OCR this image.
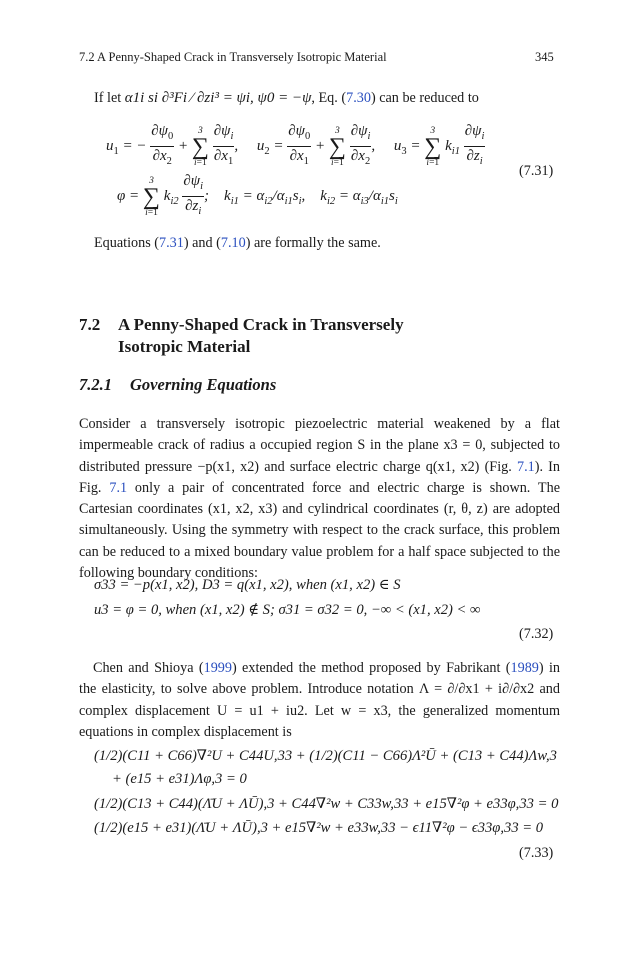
7.2 A Penny-Shaped Crack in Transversely Isotropic Material	345
If let α1i si ∂³Fi ⁄ ∂zi³ = ψi, ψ0 = −ψ, Eq. (7.30) can be reduced to
$u_1$ = − $\frac{\partial\psi_0}{\partial x_2}$ +
3
∑
i=1
$\frac{\partial\psi_i}{\partial x_1}$ ,     $u_2 = \frac{\partial\psi_0}{\partial x_1}$ +
3
∑
i=1
$\frac{\partial\psi_i}{\partial x_2}$ ,     $u_3$ =
3
∑
i=1
$k_{i1} \frac{\partial\psi_i}{\partial z_i}$
φ =
3
∑
i=1
$k_{i2} \frac{\partial\psi_i}{\partial z_i}$ ;    $k_{i1} = \alpha_{i2}/\alpha_{i1}s_i$,    $k_{i2} = \alpha_{i3}/\alpha_{i1}s_i$
(7.31)
Equations (7.31) and (7.10) are formally the same.
7.2 A Penny-Shaped Crack in Transversely
Isotropic Material
7.2.1 Governing Equations
Consider a transversely isotropic piezoelectric material weakened by a flat impermeable crack of radius a occupied region S in the plane x3 = 0, subjected to distributed pressure −p(x1, x2) and surface electric charge q(x1, x2) (Fig. 7.1). In Fig. 7.1 only a pair of concentrated force and electric charge is shown. The Cartesian coordinates (x1, x2, x3) and cylindrical coordinates (r, θ, z) are adopted simultaneously. Using the symmetry with respect to the crack surface, this problem can be reduced to a mixed boundary value problem for a half space subjected to the following boundary conditions:
σ33 = −p(x1, x2), D3 = q(x1, x2), when (x1, x2) ∈ S
u3 = φ = 0, when (x1, x2) ∉ S; σ31 = σ32 = 0, −∞ < (x1, x2) < ∞
(7.32)
Chen and Shioya (1999) extended the method proposed by Fabrikant (1989) in the elasticity, to solve above problem. Introduce notation Λ = ∂/∂x1 + i∂/∂x2 and complex displacement U = u1 + iu2. Let w = x3, the generalized momentum equations in complex displacement is
(1/2)(C11 + C66)∇²U + C44U,33 + (1/2)(C11 − C66)Λ²Ū + (C13 + C44)Λw,3
+ (e15 + e31)Λφ,3 = 0
(1/2)(C13 + C44)(Λ̄U + ΛŪ),3 + C44∇²w + C33w,33 + e15∇²φ + e33φ,33 = 0
(1/2)(e15 + e31)(Λ̄U + ΛŪ),3 + e15∇²w + e33w,33 − ϵ11∇²φ − ϵ33φ,33 = 0
(7.33)
u1 = − ∂ψ0/∂x2 + Σ(i=1..3) ∂ψi/∂x1, u2 = ∂ψ0/∂x1 + Σ(i=1..3) ∂ψi/∂x2, u3 = Σ(i=1..3) ki1 ∂ψi/∂zi
φ = Σ(i=1..3) ki2 ∂ψi/∂zi; ki1 = αi2/αi1 si, ki2 = αi3/αi1 si
